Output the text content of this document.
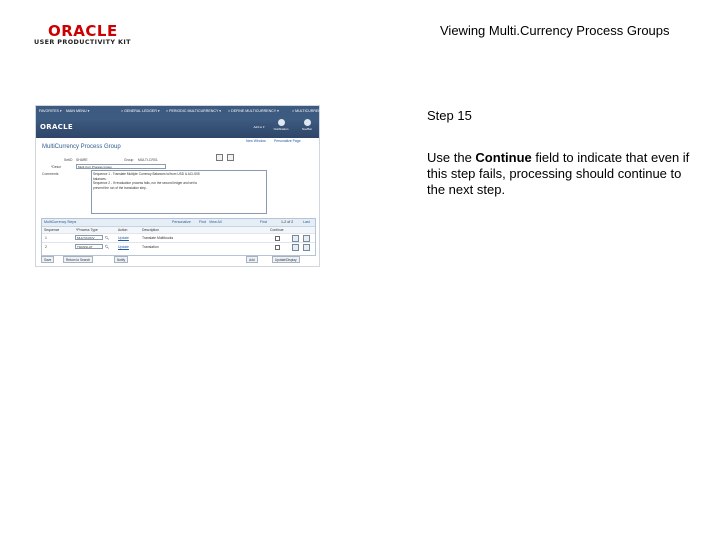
ORACLE
USER PRODUCTIVITY KIT
Viewing Multi.Currency Process Groups
FAVORITES ▾ MAIN MENU ▾	> GENERAL LEDGER ▾ > PERIODIC MULTICURRENCY ▾ > DEFINE MULTICURRENCY ▾	> MULTICURRENCY GROUP Home	Sign out
ORACLE	Add to ▾	Notification	NavBar
New Window Personalize Page
MultiCurrency Process Group
SetID SHARE	Group MULTI-CR01
*Descr	Multi Curr Process Group
Comments	Sequence 1 - Translate Multiple Currency Balances to/from USD & ACLS05
balances.
Sequence 2 - If revaluation process fails, run the second ledger and set to
prevent the run of the translation step.
MultiCurrency Steps	Personalize Find View All	First	1-2 of 2	Last
Sequence	*Process Type	Action	Description	Continue
1	MULTICONV	🔍︎	Update	Translate Multibooks
2	TRANSLAT	🔍︎	Update	Translation
Save	Return to Search	Notify	Add	Update/Display
Step 15
Use the Continue field to indicate that even if this step fails, processing should continue to the next step.
